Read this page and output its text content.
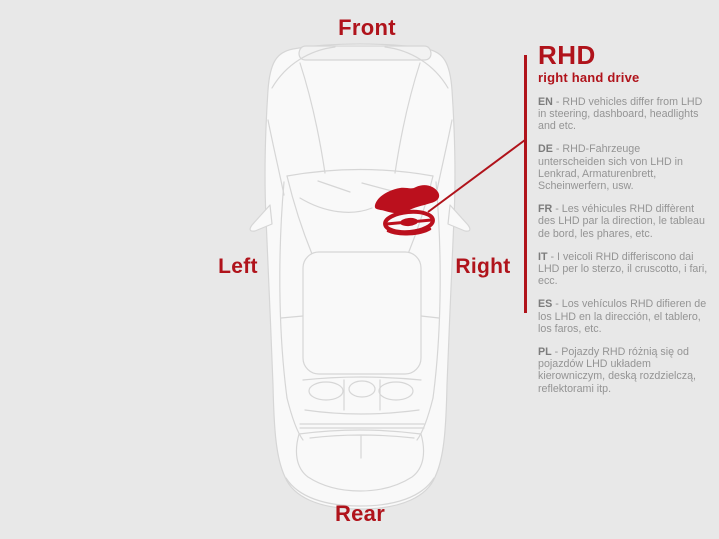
Front
Left	Right
Rear
RHD
right hand drive

EN - RHD vehicles differ from LHD in steering, dashboard, headlights and etc.

DE - RHD-Fahrzeuge unterscheiden sich von LHD in Lenkrad, Armaturenbrett, Scheinwerfern, usw.

FR - Les véhicules RHD diffèrent des LHD par la direction, le tableau de bord, les phares, etc.

IT - I veicoli RHD differiscono dai LHD per lo sterzo, il cruscotto, i fari, ecc.

ES - Los vehículos RHD difieren de los LHD en la dirección, el tablero, los faros, etc.

PL - Pojazdy RHD różnią się od pojazdów LHD układem kierowniczym, deską rozdzielczą, reflektorami itp.
